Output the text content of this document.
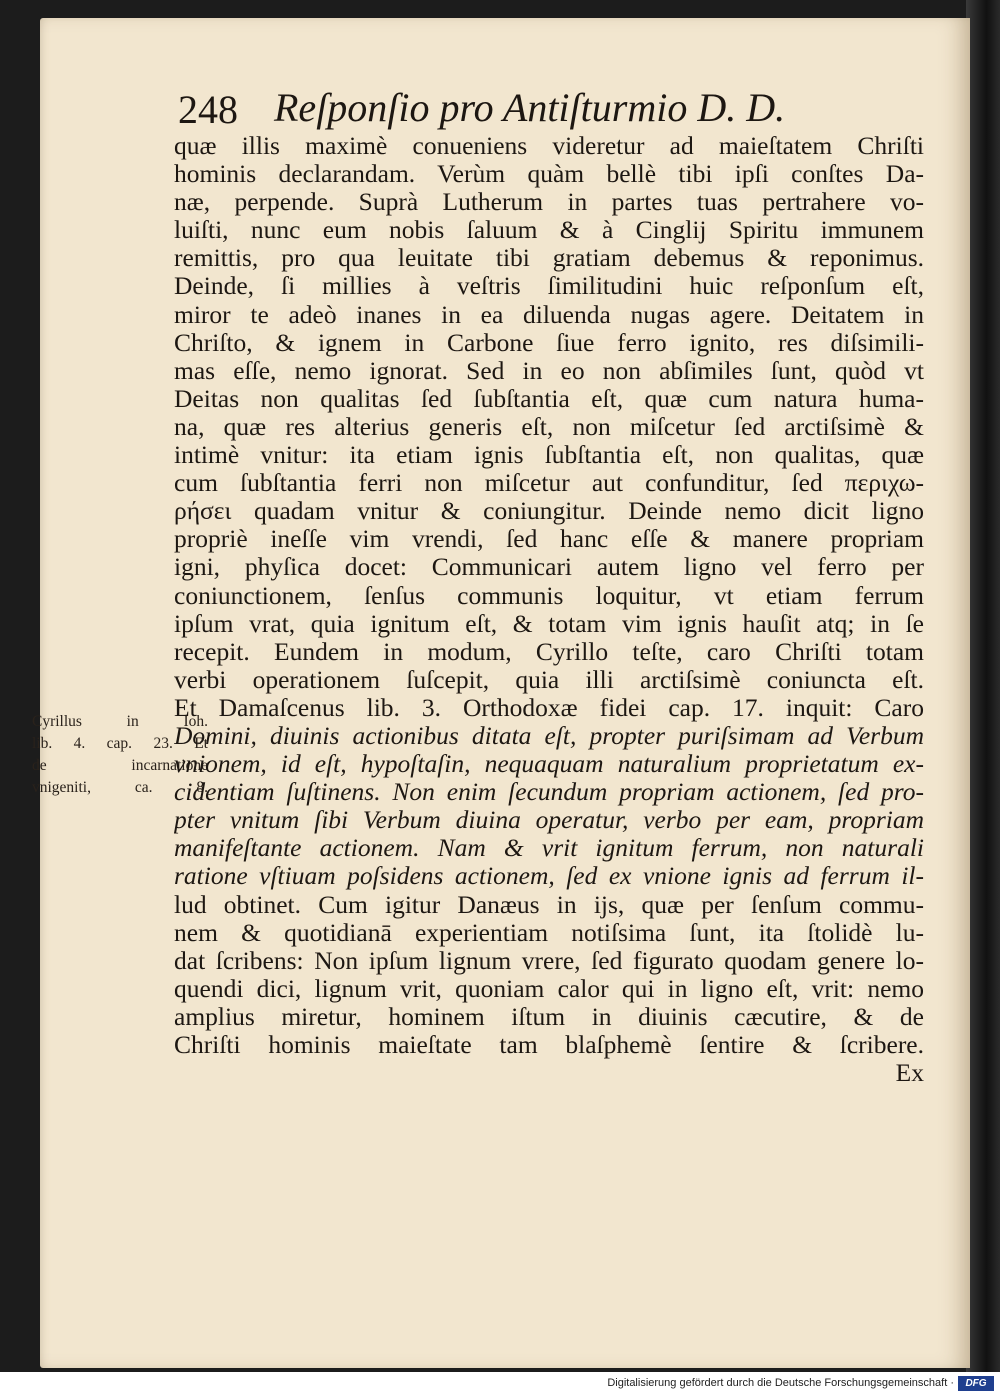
248 Reſponſio pro Antiſturmio D. D.
Cyrillus in Ioh.
lib. 4. cap. 23. Et
de incarnatione
vnigeniti, ca. 8.
quæ illis maximè conueniens videretur ad maieſtatem Chriſti
hominis declarandam. Verùm quàm bellè tibi ipſi conſtes Da-
næ, perpende. Suprà Lutherum in partes tuas pertrahere vo-
luiſti, nunc eum nobis ſaluum & à Cinglij Spiritu immunem
remittis, pro qua leuitate tibi gratiam debemus & reponimus.
Deinde, ſi millies à veſtris ſimilitudini huic reſponſum eſt,
miror te adeò inanes in ea diluenda nugas agere. Deitatem in
Chriſto, & ignem in Carbone ſiue ferro ignito, res diſsimili-
mas eſſe, nemo ignorat. Sed in eo non abſimiles ſunt, quòd vt
Deitas non qualitas ſed ſubſtantia eſt, quæ cum natura huma-
na, quæ res alterius generis eſt, non miſcetur ſed arctiſsimè &
intimè vnitur: ita etiam ignis ſubſtantia eſt, non qualitas, quæ
cum ſubſtantia ferri non miſcetur aut confunditur, ſed περιχω-
ρήσει quadam vnitur & coniungitur. Deinde nemo dicit ligno
propriè ineſſe vim vrendi, ſed hanc eſſe & manere propriam
igni, phyſica docet: Communicari autem ligno vel ferro per
coniunctionem, ſenſus communis loquitur, vt etiam ferrum
ipſum vrat, quia ignitum eſt, & totam vim ignis hauſit atq; in ſe
recepit. Eundem in modum, Cyrillo teſte, caro Chriſti totam
verbi operationem ſuſcepit, quia illi arctiſsimè coniuncta eſt.
Et Damaſcenus lib. 3. Orthodoxæ fidei cap. 17. inquit: Caro
Domini, diuinis actionibus ditata eſt, propter puriſsimam ad Verbum
vnionem, id eſt, hypoſtaſin, nequaquam naturalium proprietatum ex-
cidentiam ſuſtinens. Non enim ſecundum propriam actionem, ſed pro-
pter vnitum ſibi Verbum diuina operatur, verbo per eam, propriam
manifeſtante actionem. Nam & vrit ignitum ferrum, non naturali
ratione vſtiuam poſsidens actionem, ſed ex vnione ignis ad ferrum il-
lud obtinet. Cum igitur Danæus in ijs, quæ per ſenſum commu-
nem & quotidianā experientiam notiſsima ſunt, ita ſtolidè lu-
dat ſcribens: Non ipſum lignum vrere, ſed figurato quodam genere lo-
quendi dici, lignum vrit, quoniam calor qui in ligno eſt, vrit: nemo
amplius miretur, hominem iſtum in diuinis cæcutire, & de
Chriſti hominis maieſtate tam blaſphemè ſentire & ſcribere.
Ex
Digitalisierung gefördert durch die Deutsche Forschungsgemeinschaft ·	DFG
